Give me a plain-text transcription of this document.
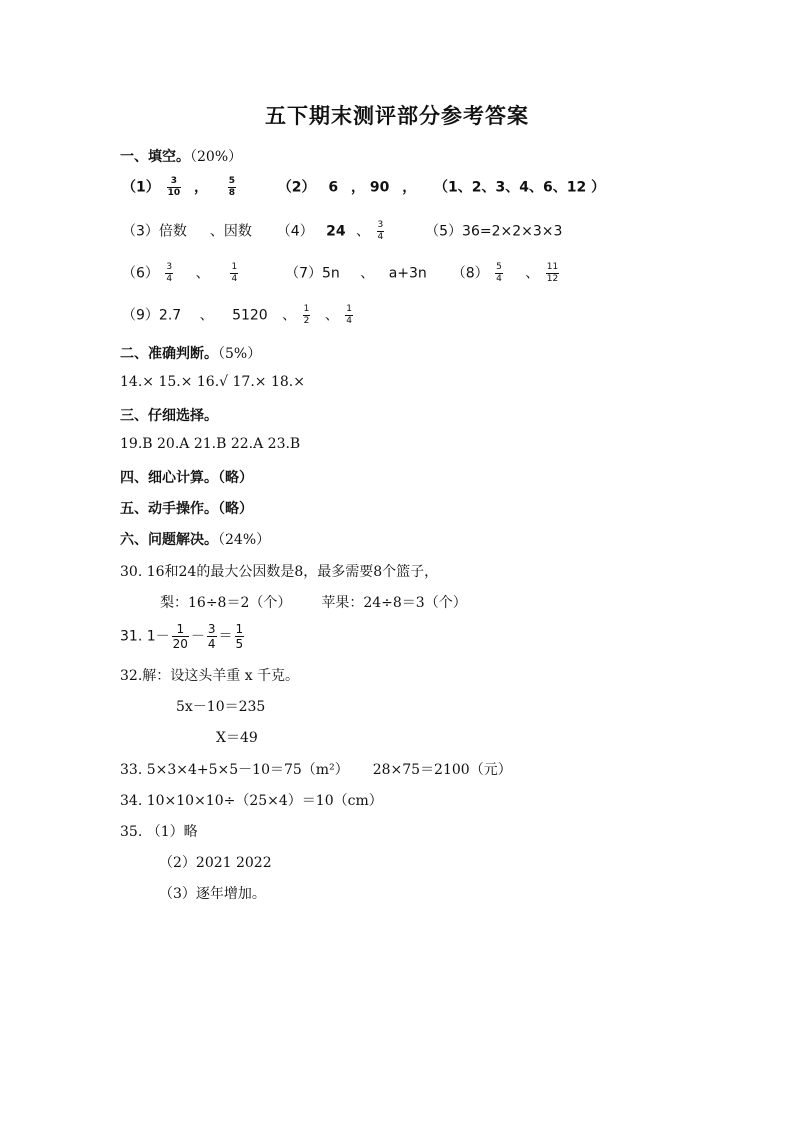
五下期末测评部分参考答案
一、填空。（20%）
$(1) \frac{3}{10}$ ， $\frac{5}{8}$	（2） 6 ， 90 ， （1、2、3、4、6、12 ）
（3）倍数 、因数 （4） 24 、 $\frac{3}{4}$	（5）36=2×2×3×3
$(6) \frac{3}{4}$ 、 $\frac{1}{4}$	（7）5n 、 a+3n $(8) \frac{5}{4}$ 、 $\frac{11}{12}$
（9）2.7 、 5120 、 $\frac{1}{2}$ 、 $\frac{1}{4}$
二、准确判断。（5%）
14.× 15.× 16.√ 17.× 18.×
三、仔细选择。
19.B 20.A 21.B 22.A 23.B
四、细心计算。（略）
五、动手操作。（略）
六、问题解决。（24%）
30. 16和24的最大公因数是8，最多需要8个篮子，
梨：16÷8＝2（个） 苹果：24÷8＝3（个）
31. $1- \frac{1}{20} - \frac{3}{4} = \frac{1}{5}$
32.解：设这头羊重 x 千克。
5x－10＝235
X＝49
33. 5×3×4+5×5－10＝75（m²） 28×75＝2100（元）
34. 10×10×10÷（25×4）＝10（cm）
35. （1）略
（2）2021 2022
（3）逐年增加。
